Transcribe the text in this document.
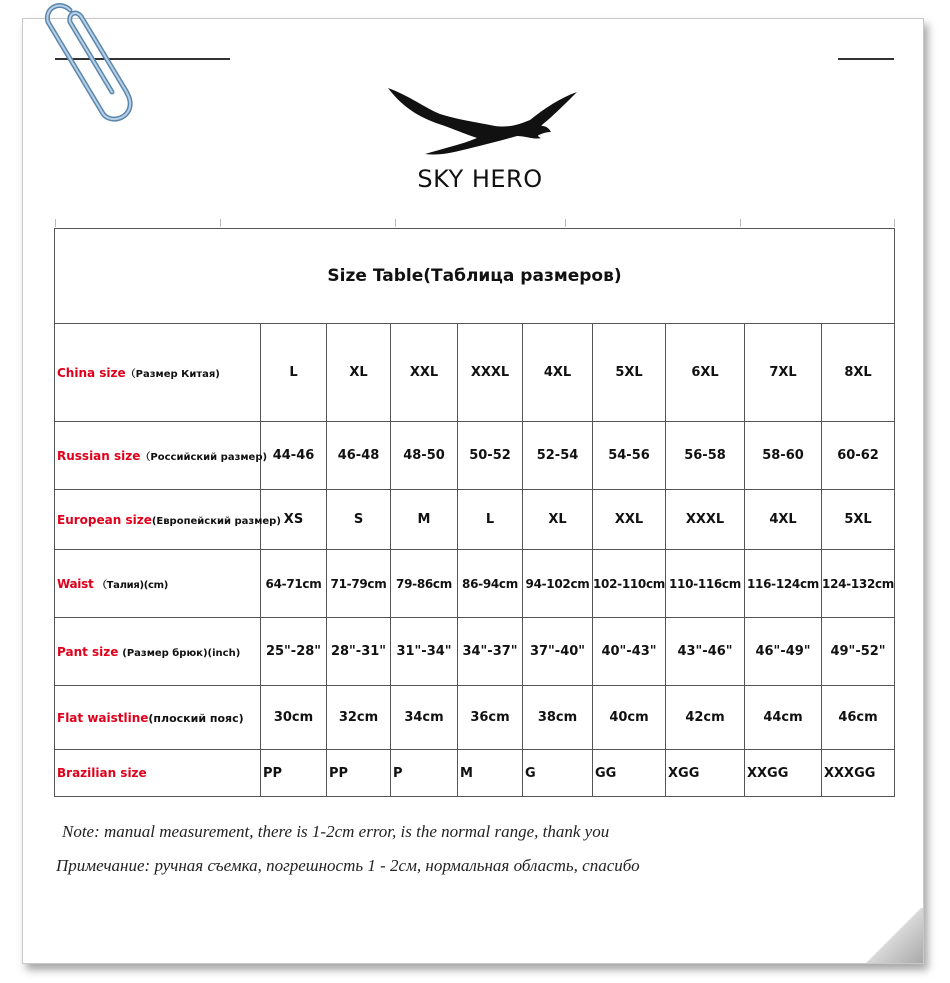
SKY HERO
Size Table(Таблица размеров)									
China size（Размер Китая)	L	XL	XXL	XXXL	4XL	5XL	6XL	7XL	8XL
Russian size（Российский размер)	44-46	46-48	48-50	50-52	52-54	54-56	56-58	58-60	60-62
European size(Европейский размер)	XS	S	M	L	XL	XXL	XXXL	4XL	5XL
Waist （Талия)(cm)	64-71cm	71-79cm	79-86cm	86-94cm	94-102cm	102-110cm	110-116cm	116-124cm	124-132cm
Pant size (Размер брюк)(inch)	25"-28"	28"-31"	31"-34"	34"-37"	37"-40"	40"-43"	43"-46"	46"-49"	49"-52"
Flat waistline(плоский пояс)	30cm	32cm	34cm	36cm	38cm	40cm	42cm	44cm	46cm
Brazilian size	PP	PP	P	M	G	GG	XGG	XXGG	XXXGG
Note: manual measurement, there is 1-2cm error, is the normal range, thank you
Примечание: ручная съемка, погрешность 1 - 2см, нормальная область, спасибо
